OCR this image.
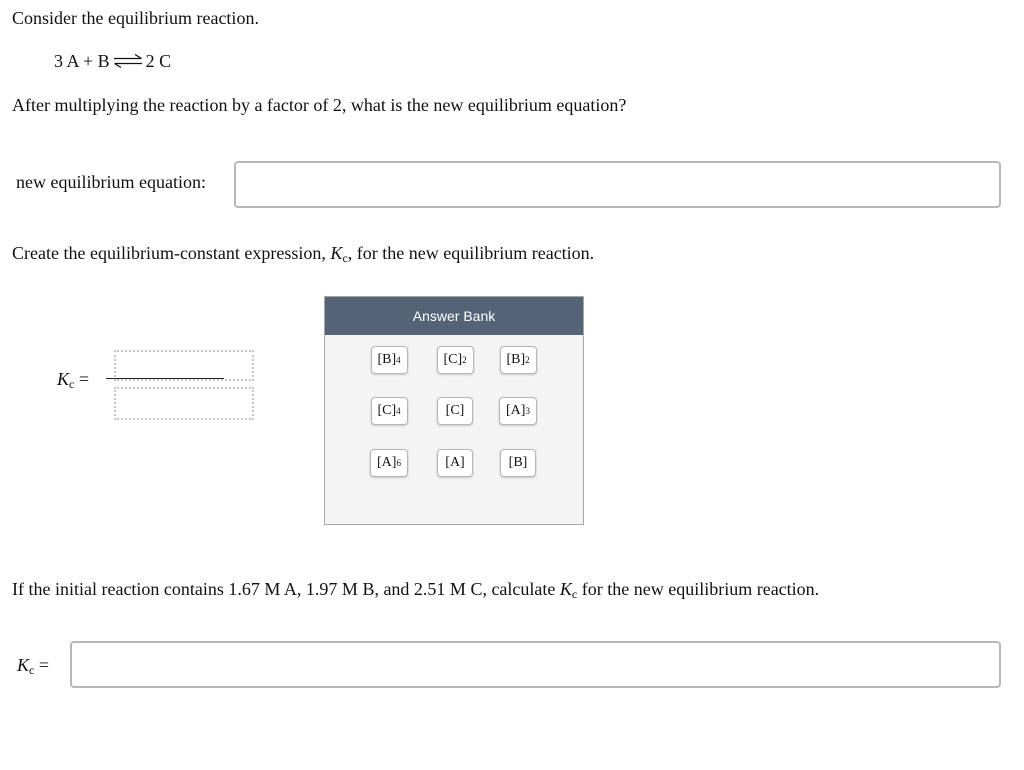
Consider the equilibrium reaction.
3 A + B ⇌ 2 C
After multiplying the reaction by a factor of 2, what is the new equilibrium equation?
new equilibrium equation:
Create the equilibrium-constant expression, $K_c$, for the new equilibrium reaction.
$K_c$ =
Answer Bank
[B] 4	[C] 2	[B] 2
[C] 4	[C]	[A] 3
[A] 6	[A]	[B]
If the initial reaction contains 1.67 M A, 1.97 M B, and 2.51 M C, calculate $K_c$ for the new equilibrium reaction.
$K_c$ =
